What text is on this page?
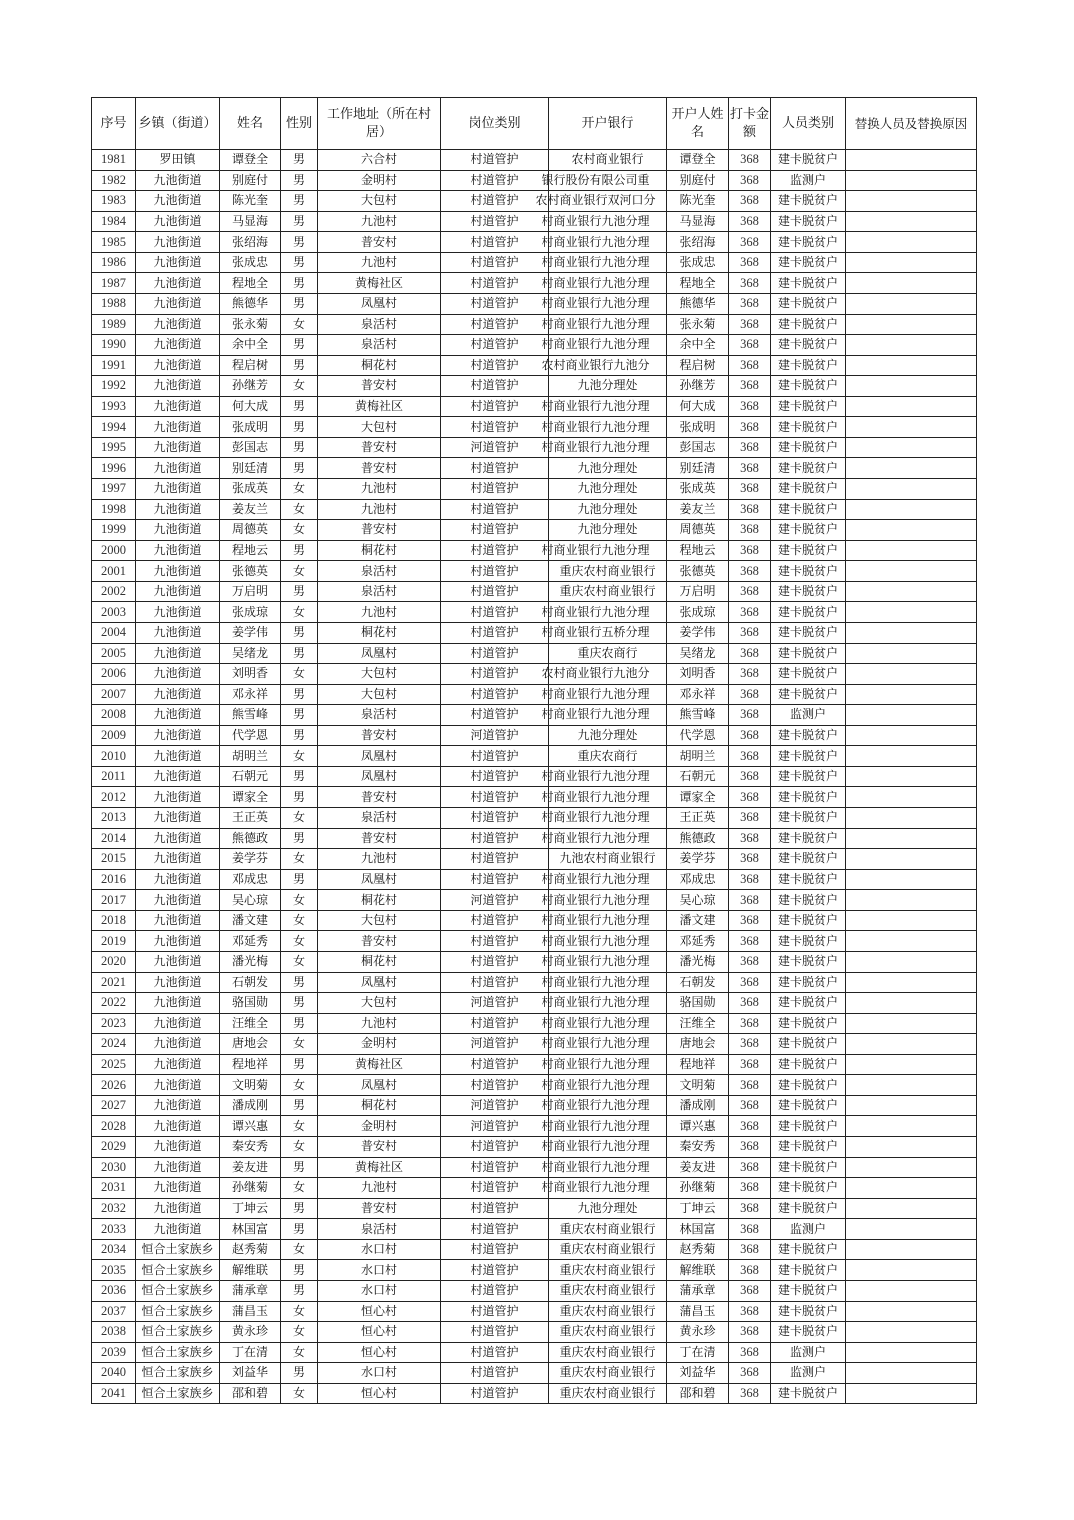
序号	乡镇（街道）	姓名	性别	工作地址（所在村居）	岗位类别	开户银行	开户人姓名	打卡金额	人员类别	替换人员及替换原因
1981	罗田镇	谭登全	男	六合村	村道管护	农村商业银行	谭登全	368	建卡脱贫户	
1982	九池街道	别庭付	男	金明村	村道管护	银行股份有限公司重	别庭付	368	监测户	
1983	九池街道	陈光奎	男	大包村	村道管护	农村商业银行双河口分	陈光奎	368	建卡脱贫户	
1984	九池街道	马显海	男	九池村	村道管护	村商业银行九池分理	马显海	368	建卡脱贫户	
1985	九池街道	张绍海	男	普安村	村道管护	村商业银行九池分理	张绍海	368	建卡脱贫户	
1986	九池街道	张成忠	男	九池村	村道管护	村商业银行九池分理	张成忠	368	建卡脱贫户	
1987	九池街道	程地全	男	黄梅社区	村道管护	村商业银行九池分理	程地全	368	建卡脱贫户	
1988	九池街道	熊德华	男	凤凰村	村道管护	村商业银行九池分理	熊德华	368	建卡脱贫户	
1989	九池街道	张永菊	女	泉活村	村道管护	村商业银行九池分理	张永菊	368	建卡脱贫户	
1990	九池街道	余中全	男	泉活村	村道管护	村商业银行九池分理	余中全	368	建卡脱贫户	
1991	九池街道	程启树	男	桐花村	村道管护	农村商业银行九池分	程启树	368	建卡脱贫户	
1992	九池街道	孙继芳	女	普安村	村道管护	九池分理处	孙继芳	368	建卡脱贫户	
1993	九池街道	何大成	男	黄梅社区	村道管护	村商业银行九池分理	何大成	368	建卡脱贫户	
1994	九池街道	张成明	男	大包村	村道管护	村商业银行九池分理	张成明	368	建卡脱贫户	
1995	九池街道	彭国志	男	普安村	河道管护	村商业银行九池分理	彭国志	368	建卡脱贫户	
1996	九池街道	别廷清	男	普安村	村道管护	九池分理处	别廷清	368	建卡脱贫户	
1997	九池街道	张成英	女	九池村	村道管护	九池分理处	张成英	368	建卡脱贫户	
1998	九池街道	姜友兰	女	九池村	村道管护	九池分理处	姜友兰	368	建卡脱贫户	
1999	九池街道	周德英	女	普安村	村道管护	九池分理处	周德英	368	建卡脱贫户	
2000	九池街道	程地云	男	桐花村	村道管护	村商业银行九池分理	程地云	368	建卡脱贫户	
2001	九池街道	张德英	女	泉活村	村道管护	重庆农村商业银行	张德英	368	建卡脱贫户	
2002	九池街道	万启明	男	泉活村	村道管护	重庆农村商业银行	万启明	368	建卡脱贫户	
2003	九池街道	张成琼	女	九池村	村道管护	村商业银行九池分理	张成琼	368	建卡脱贫户	
2004	九池街道	姜学伟	男	桐花村	村道管护	村商业银行五桥分理	姜学伟	368	建卡脱贫户	
2005	九池街道	吴绪龙	男	凤凰村	村道管护	重庆农商行	吴绪龙	368	建卡脱贫户	
2006	九池街道	刘明香	女	大包村	村道管护	农村商业银行九池分	刘明香	368	建卡脱贫户	
2007	九池街道	邓永祥	男	大包村	村道管护	村商业银行九池分理	邓永祥	368	建卡脱贫户	
2008	九池街道	熊雪峰	男	泉活村	村道管护	村商业银行九池分理	熊雪峰	368	监测户	
2009	九池街道	代学恩	男	普安村	河道管护	九池分理处	代学恩	368	建卡脱贫户	
2010	九池街道	胡明兰	女	凤凰村	村道管护	重庆农商行	胡明兰	368	建卡脱贫户	
2011	九池街道	石朝元	男	凤凰村	村道管护	村商业银行九池分理	石朝元	368	建卡脱贫户	
2012	九池街道	谭家全	男	普安村	村道管护	村商业银行九池分理	谭家全	368	建卡脱贫户	
2013	九池街道	王正英	女	泉活村	村道管护	村商业银行九池分理	王正英	368	建卡脱贫户	
2014	九池街道	熊德政	男	普安村	村道管护	村商业银行九池分理	熊德政	368	建卡脱贫户	
2015	九池街道	姜学芬	女	九池村	村道管护	九池农村商业银行	姜学芬	368	建卡脱贫户	
2016	九池街道	邓成忠	男	凤凰村	村道管护	村商业银行九池分理	邓成忠	368	建卡脱贫户	
2017	九池街道	吴心琼	女	桐花村	河道管护	村商业银行九池分理	吴心琼	368	建卡脱贫户	
2018	九池街道	潘文建	女	大包村	村道管护	村商业银行九池分理	潘文建	368	建卡脱贫户	
2019	九池街道	邓延秀	女	普安村	村道管护	村商业银行九池分理	邓延秀	368	建卡脱贫户	
2020	九池街道	潘光梅	女	桐花村	村道管护	村商业银行九池分理	潘光梅	368	建卡脱贫户	
2021	九池街道	石朝发	男	凤凰村	村道管护	村商业银行九池分理	石朝发	368	建卡脱贫户	
2022	九池街道	骆国勋	男	大包村	河道管护	村商业银行九池分理	骆国勋	368	建卡脱贫户	
2023	九池街道	汪维全	男	九池村	村道管护	村商业银行九池分理	汪维全	368	建卡脱贫户	
2024	九池街道	唐地会	女	金明村	河道管护	村商业银行九池分理	唐地会	368	建卡脱贫户	
2025	九池街道	程地祥	男	黄梅社区	村道管护	村商业银行九池分理	程地祥	368	建卡脱贫户	
2026	九池街道	文明菊	女	凤凰村	村道管护	村商业银行九池分理	文明菊	368	建卡脱贫户	
2027	九池街道	潘成刚	男	桐花村	河道管护	村商业银行九池分理	潘成刚	368	建卡脱贫户	
2028	九池街道	谭兴惠	女	金明村	河道管护	村商业银行九池分理	谭兴惠	368	建卡脱贫户	
2029	九池街道	秦安秀	女	普安村	村道管护	村商业银行九池分理	秦安秀	368	建卡脱贫户	
2030	九池街道	姜友进	男	黄梅社区	村道管护	村商业银行九池分理	姜友进	368	建卡脱贫户	
2031	九池街道	孙继菊	女	九池村	村道管护	村商业银行九池分理	孙继菊	368	建卡脱贫户	
2032	九池街道	丁坤云	男	普安村	村道管护	九池分理处	丁坤云	368	建卡脱贫户	
2033	九池街道	林国富	男	泉活村	村道管护	重庆农村商业银行	林国富	368	监测户	
2034	恒合土家族乡	赵秀菊	女	水口村	村道管护	重庆农村商业银行	赵秀菊	368	建卡脱贫户	
2035	恒合土家族乡	解维联	男	水口村	村道管护	重庆农村商业银行	解维联	368	建卡脱贫户	
2036	恒合土家族乡	蒲承章	男	水口村	村道管护	重庆农村商业银行	蒲承章	368	建卡脱贫户	
2037	恒合土家族乡	蒲昌玉	女	恒心村	村道管护	重庆农村商业银行	蒲昌玉	368	建卡脱贫户	
2038	恒合土家族乡	黄永珍	女	恒心村	村道管护	重庆农村商业银行	黄永珍	368	建卡脱贫户	
2039	恒合土家族乡	丁在清	女	恒心村	村道管护	重庆农村商业银行	丁在清	368	监测户	
2040	恒合土家族乡	刘益华	男	水口村	村道管护	重庆农村商业银行	刘益华	368	监测户	
2041	恒合土家族乡	邵和碧	女	恒心村	村道管护	重庆农村商业银行	邵和碧	368	建卡脱贫户	
